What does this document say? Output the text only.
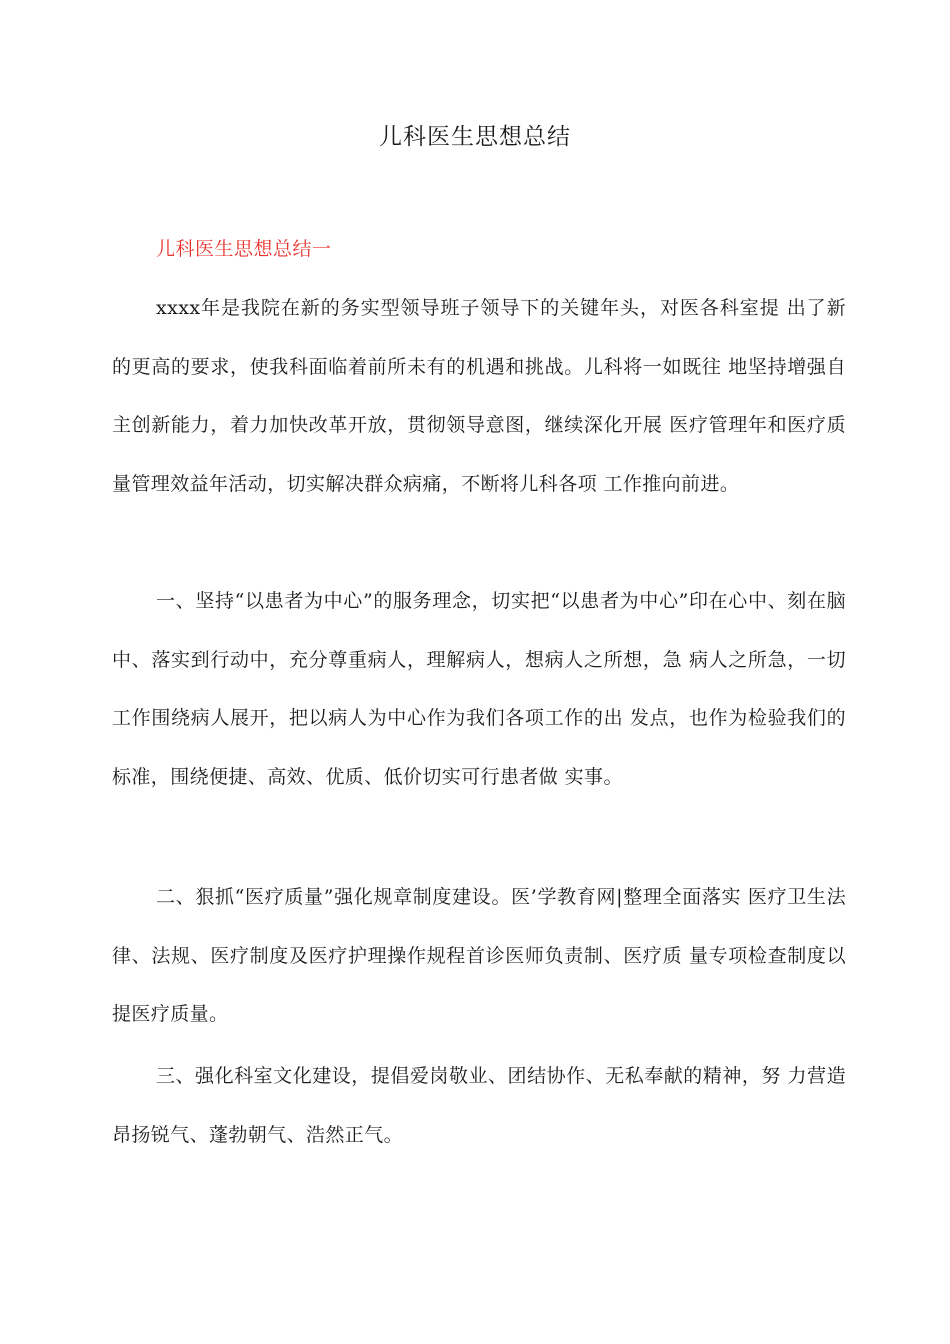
儿科医生思想总结
儿科医生思想总结一

xxxx年是我院在新的务实型领导班子领导下的关键年头，对医各科室提 出了新的更高的要求，使我科面临着前所未有的机遇和挑战。儿科将一如既往 地坚持增强自主创新能力，着力加快改革开放，贯彻领导意图，继续深化开展 医疗管理年和医疗质量管理效益年活动，切实解决群众病痛，不断将儿科各项 工作推向前进。

一、坚持“以患者为中心”的服务理念，切实把“以患者为中心”印在心中、刻在脑中、落实到行动中，充分尊重病人，理解病人，想病人之所想，急 病人之所急，一切工作围绕病人展开，把以病人为中心作为我们各项工作的出 发点，也作为检验我们的标准，围绕便捷、高效、优质、低价切实可行患者做 实事。

二、狠抓“医疗质量”强化规章制度建设。医’学教育网|整理全面落实 医疗卫生法律、法规、医疗制度及医疗护理操作规程首诊医师负责制、医疗质 量专项检查制度以提医疗质量。

三、强化科室文化建设，提倡爱岗敬业、团结协作、无私奉献的精神，努 力营造昂扬锐气、蓬勃朝气、浩然正气。
